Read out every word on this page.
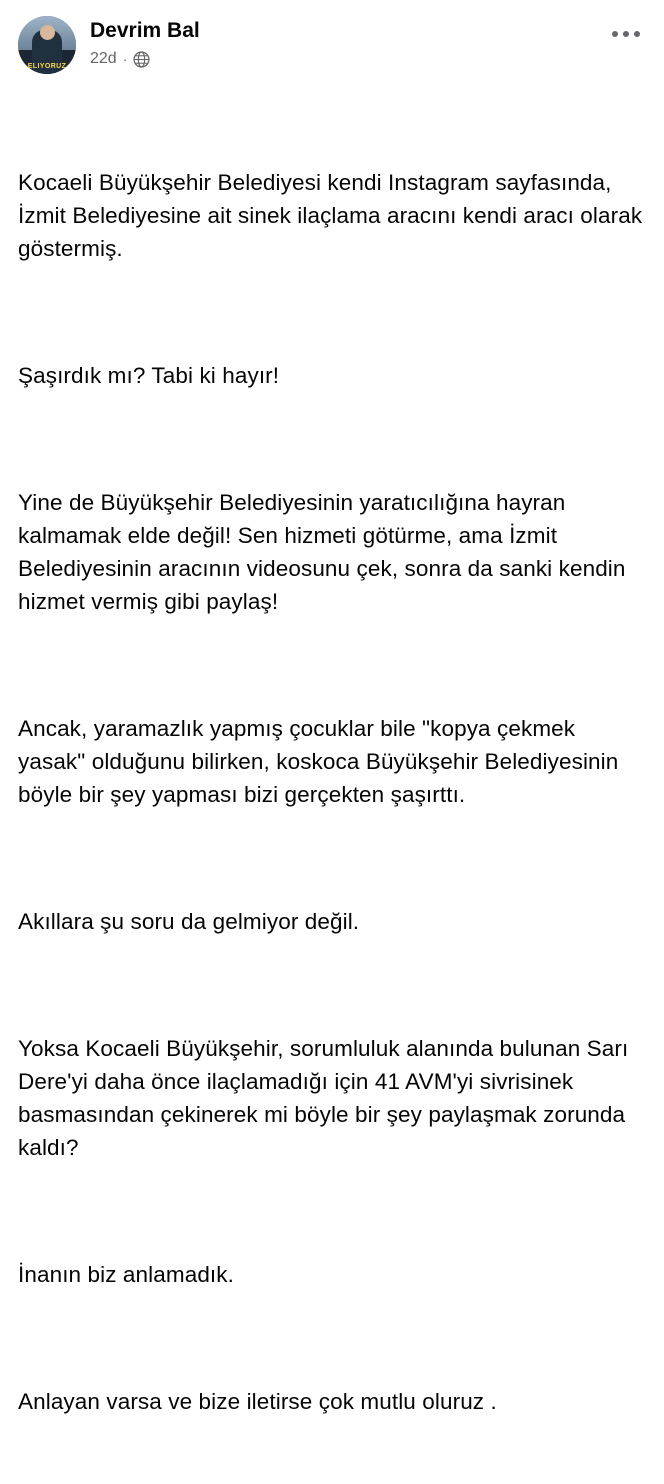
ELİYORUZ
Devrim Bal
22d ·

Kocaeli Büyükşehir Belediyesi kendi Instagram sayfasında, İzmit Belediyesine ait sinek ilaçlama aracını kendi aracı olarak göstermiş.

Şaşırdık mı? Tabi ki hayır!

Yine de Büyükşehir Belediyesinin yaratıcılığına hayran kalmamak elde değil! Sen hizmeti götürme, ama İzmit Belediyesinin aracının videosunu çek, sonra da sanki kendin hizmet vermiş gibi paylaş!

Ancak, yaramazlık yapmış çocuklar bile "kopya çekmek yasak" olduğunu bilirken, koskoca Büyükşehir Belediyesinin böyle bir şey yapması bizi gerçekten şaşırttı.

Akıllara şu soru da gelmiyor değil.

Yoksa Kocaeli Büyükşehir, sorumluluk alanında bulunan Sarı Dere'yi daha önce ilaçlamadığı için 41 AVM'yi sivrisinek basmasından çekinerek mi böyle bir şey paylaşmak zorunda kaldı?

İnanın biz anlamadık.

Anlayan varsa ve bize iletirse çok mutlu oluruz .
